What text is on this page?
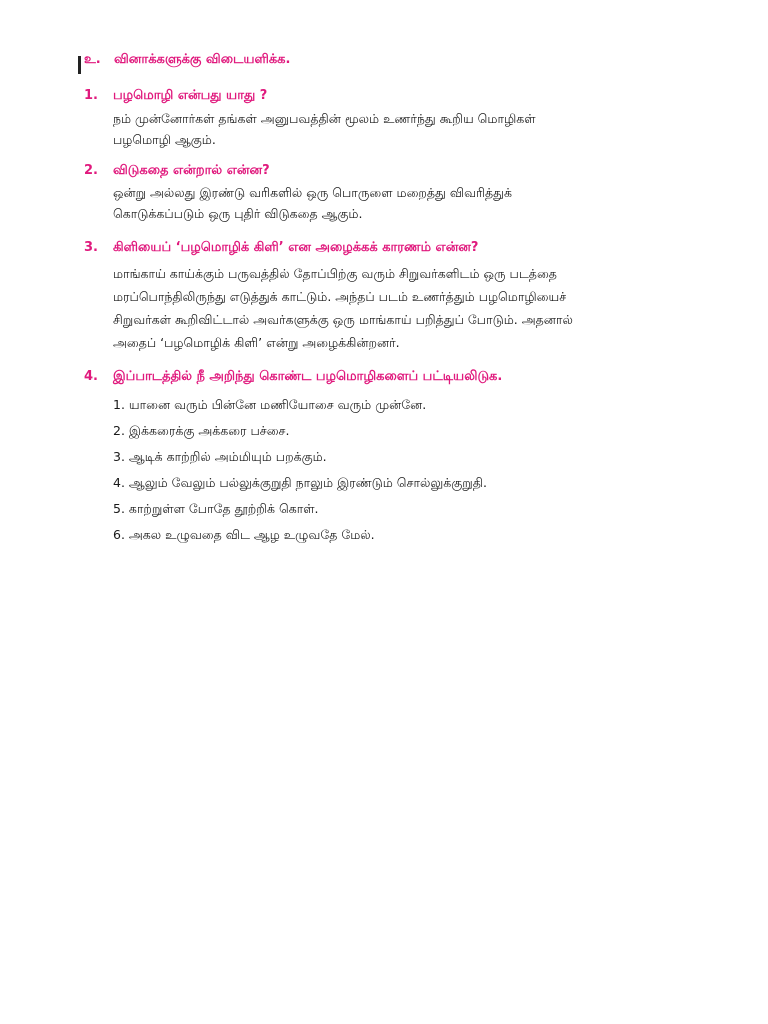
உ. வினாக்களுக்கு விடையளிக்க.
1. பழமொழி என்பது யாது ?
நம் முன்னோர்கள் தங்கள் அனுபவத்தின் மூலம் உணர்ந்து கூறிய மொழிகள்
பழமொழி ஆகும்.
2. விடுகதை என்றால் என்ன?
ஒன்று அல்லது இரண்டு வரிகளில் ஒரு பொருளை மறைத்து விவரித்துக்
கொடுக்கப்படும் ஒரு புதிர் விடுகதை ஆகும்.
3. கிளியைப் ‘பழமொழிக் கிளி’ என அழைக்கக் காரணம் என்ன?
மாங்காய் காய்க்கும் பருவத்தில் தோப்பிற்கு வரும் சிறுவர்களிடம் ஒரு படத்தை
மரப்பொந்திலிருந்து எடுத்துக் காட்டும். அந்தப் படம் உணர்த்தும் பழமொழியைச்
சிறுவர்கள் கூறிவிட்டால் அவர்களுக்கு ஒரு மாங்காய் பறித்துப் போடும். அதனால்
அதைப் ‘பழமொழிக் கிளி’ என்று அழைக்கின்றனர்.
4. இப்பாடத்தில் நீ அறிந்து கொண்ட பழமொழிகளைப் பட்டியலிடுக.
1. யானை வரும் பின்னே மணியோசை வரும் முன்னே.
2. இக்கரைக்கு அக்கரை பச்சை.
3. ஆடிக் காற்றில் அம்மியும் பறக்கும்.
4. ஆலும் வேலும் பல்லுக்குறுதி நாலும் இரண்டும் சொல்லுக்குறுதி.
5. காற்றுள்ள போதே தூற்றிக் கொள்.
6. அகல உழுவதை விட ஆழ உழுவதே மேல்.
